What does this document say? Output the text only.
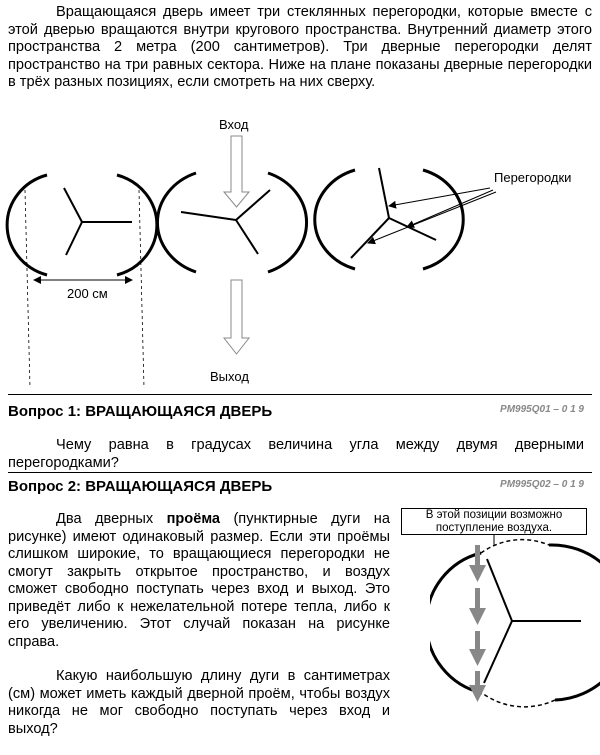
Вращающаяся дверь имеет три стеклянных перегородки, которые вместе с этой дверью вращаются внутри кругового пространства. Внутренний диаметр этого пространства 2 метра (200 сантиметров). Три дверные перегородки делят пространство на три равных сектора. Ниже на плане показаны дверные перегородки в трёх разных позициях, если смотреть на них сверху.

200 см
Вход
Выход
Перегородки
Вопрос 1: ВРАЩАЮЩАЯСЯ ДВЕРЬ	PM995Q01 – 0 1 9

Чему равна в градусах величина угла между двумя дверными перегородками?

Вопрос 2: ВРАЩАЮЩАЯСЯ ДВЕРЬ	PM995Q02 – 0 1 9

Два дверных проёма (пунктирные дуги на рисунке) имеют одинаковый размер. Если эти проёмы слишком широкие, то вращающиеся перегородки не смогут закрыть открытое пространство, и воздух сможет свободно поступать через вход и выход. Это приведёт либо к нежелательной потере тепла, либо к его увеличению. Этот случай показан на рисунке справа.

Какую наибольшую длину дуги в сантиметрах (см) может иметь каждый дверной проём, чтобы воздух никогда не мог свободно поступать через вход и выход?

В этой позиции возможно поступление воздуха.
